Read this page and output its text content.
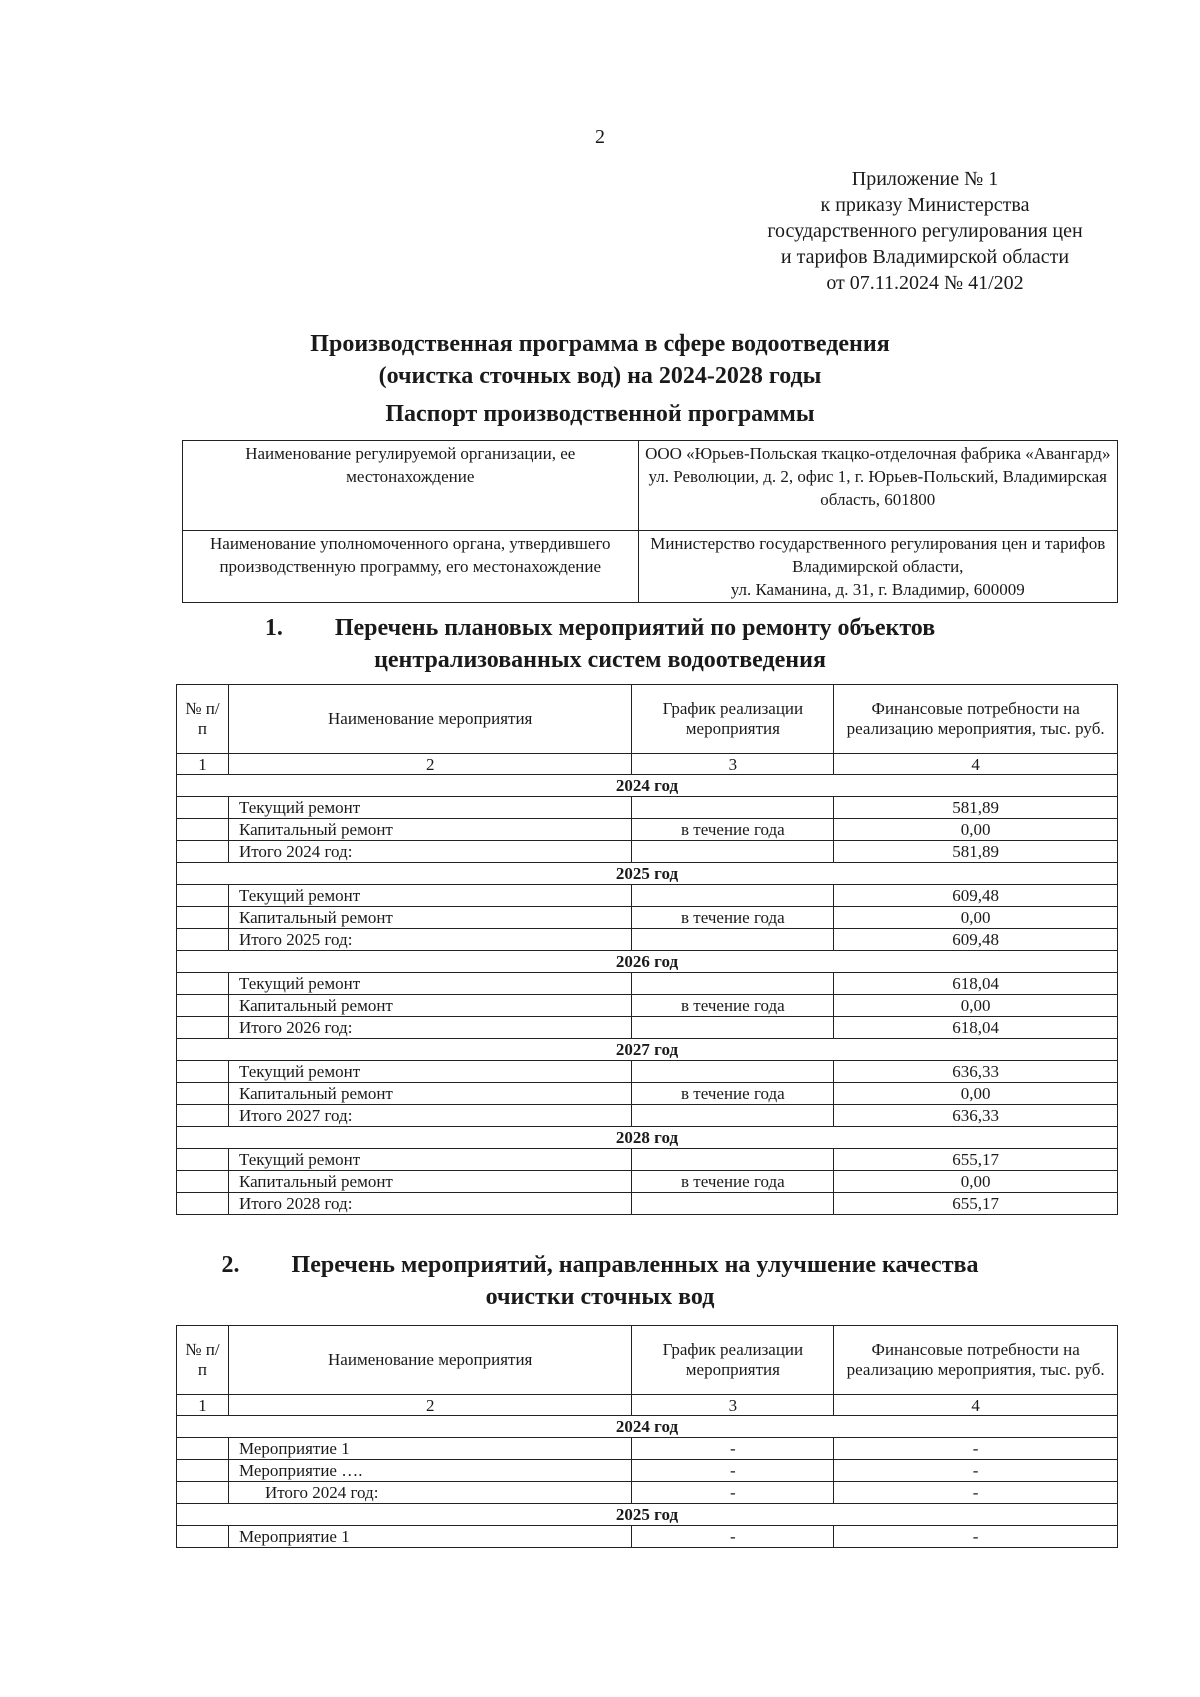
2
Приложение № 1
к приказу Министерства
государственного регулирования цен
и тарифов Владимирской области
от 07.11.2024 № 41/202
Производственная программа в сфере водоотведения
(очистка сточных вод) на 2024-2028 годы
Паспорт производственной программы
Наименование регулируемой организации, ее местонахождение	ООО «Юрьев-Польская ткацко-отделочная фабрика «Авангард»
ул. Революции, д. 2, офис 1, г. Юрьев-Польский, Владимирская область, 601800

Наименование уполномоченного органа, утвердившего производственную программу, его местонахождение	Министерство государственного регулирования цен и тарифов Владимирской области,
ул. Каманина, д. 31, г. Владимир, 600009
1. Перечень плановых мероприятий по ремонту объектов
централизованных систем водоотведения
№ п/п	Наименование мероприятия	График реализации мероприятия	Финансовые потребности на реализацию мероприятия, тыс. руб.
1	2	3	4
2024 год			
	Текущий ремонт		581,89
	Капитальный ремонт	в течение года	0,00
	Итого 2024 год:		581,89
2025 год			
	Текущий ремонт		609,48
	Капитальный ремонт	в течение года	0,00
	Итого 2025 год:		609,48
2026 год			
	Текущий ремонт		618,04
	Капитальный ремонт	в течение года	0,00
	Итого 2026 год:		618,04
2027 год			
	Текущий ремонт		636,33
	Капитальный ремонт	в течение года	0,00
	Итого 2027 год:		636,33
2028 год			
	Текущий ремонт		655,17
	Капитальный ремонт	в течение года	0,00
	Итого 2028 год:		655,17
2. Перечень мероприятий, направленных на улучшение качества
очистки сточных вод
№ п/п	Наименование мероприятия	График реализации мероприятия	Финансовые потребности на реализацию мероприятия, тыс. руб.
1	2	3	4
2024 год			
	Мероприятие 1	-	-
	Мероприятие ….	-	-
	Итого 2024 год:	-	-
2025 год			
	Мероприятие 1	-	-
